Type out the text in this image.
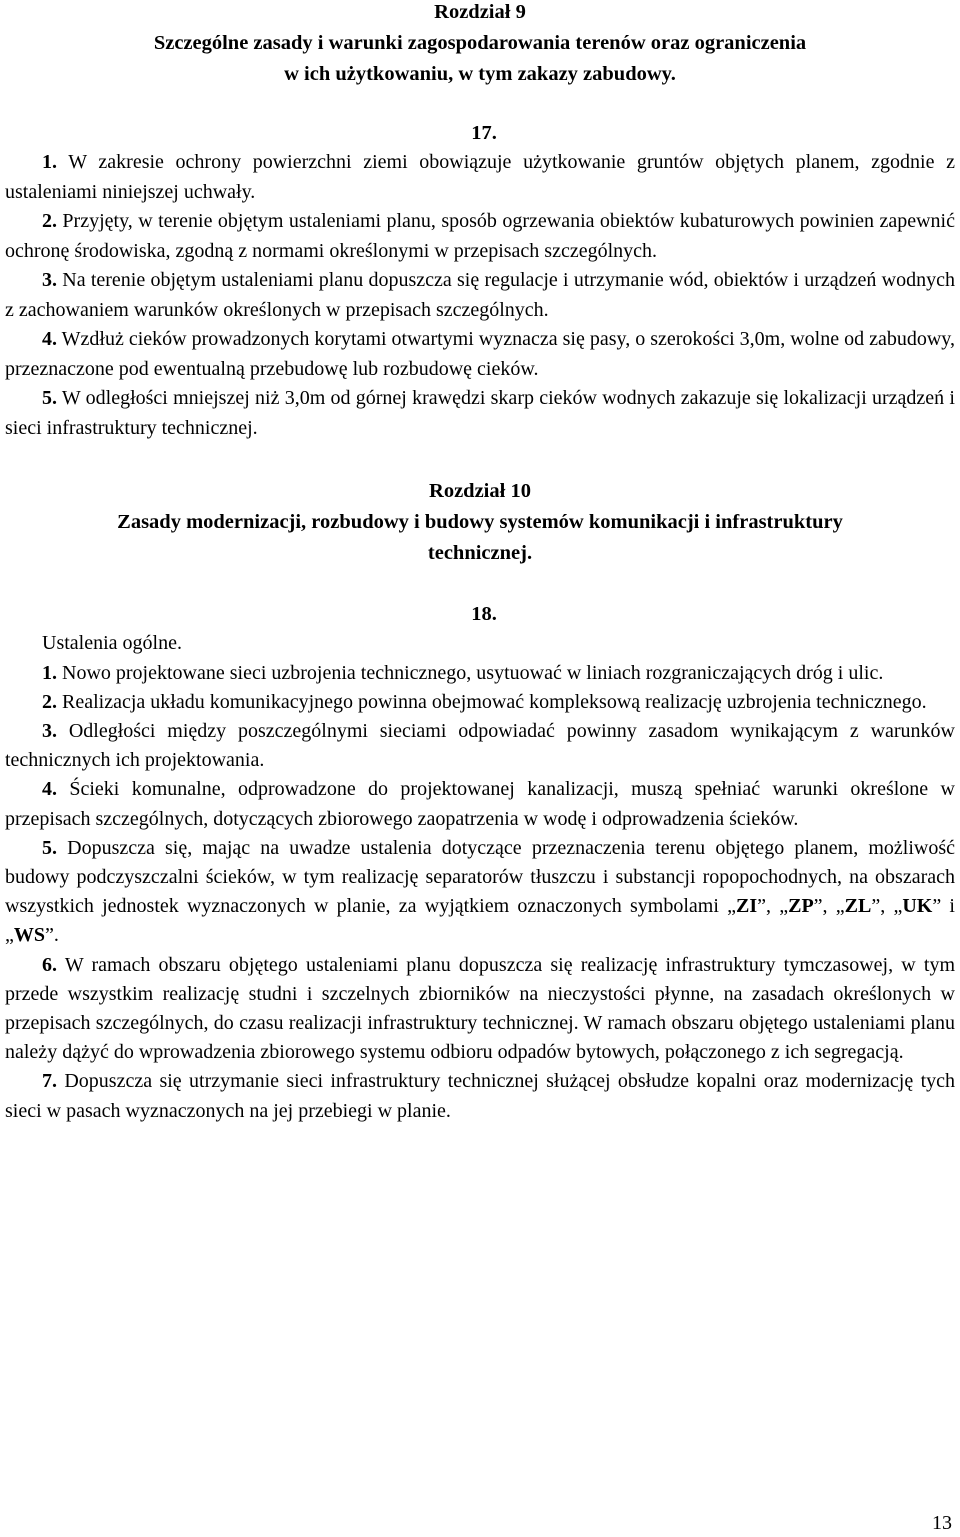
Rozdział 9

Szczególne zasady i warunki zagospodarowania terenów oraz ograniczenia

w ich użytkowaniu, w tym zakazy zabudowy.

17.

1. W zakresie ochrony powierzchni ziemi obowiązuje użytkowanie gruntów objętych planem, zgodnie z ustaleniami niniejszej uchwały.

2. Przyjęty, w terenie objętym ustaleniami planu, sposób ogrzewania obiektów kubaturowych powinien zapewnić ochronę środowiska, zgodną z normami określonymi w przepisach szczególnych.

3. Na terenie objętym ustaleniami planu dopuszcza się regulacje i utrzymanie wód, obiektów i urządzeń wodnych z zachowaniem warunków określonych w przepisach szczególnych.

4. Wzdłuż cieków prowadzonych korytami otwartymi wyznacza się pasy, o szerokości 3,0m, wolne od zabudowy, przeznaczone pod ewentualną przebudowę lub rozbudowę cieków.

5. W odległości mniejszej niż 3,0m od górnej krawędzi skarp cieków wodnych zakazuje się lokalizacji urządzeń i sieci infrastruktury technicznej.

Rozdział 10

Zasady modernizacji, rozbudowy i budowy systemów komunikacji i infrastruktury

technicznej.

18.

Ustalenia ogólne.

1. Nowo projektowane sieci uzbrojenia technicznego, usytuować w liniach rozgraniczających dróg i ulic.

2. Realizacja układu komunikacyjnego powinna obejmować kompleksową realizację uzbrojenia technicznego.

3. Odległości między poszczególnymi sieciami odpowiadać powinny zasadom wynikającym z warunków technicznych ich projektowania.

4. Ścieki komunalne, odprowadzone do projektowanej kanalizacji, muszą spełniać warunki określone w przepisach szczególnych, dotyczących zbiorowego zaopatrzenia w wodę i odprowadzenia ścieków.

5. Dopuszcza się, mając na uwadze ustalenia dotyczące przeznaczenia terenu objętego planem, możliwość budowy podczyszczalni ścieków, w tym realizację separatorów tłuszczu i substancji ropopochodnych, na obszarach wszystkich jednostek wyznaczonych w planie, za wyjątkiem oznaczonych symbolami „ZI”, „ZP”, „ZL”, „UK” i „WS”.

6. W ramach obszaru objętego ustaleniami planu dopuszcza się realizację infrastruktury tymczasowej, w tym przede wszystkim realizację studni i szczelnych zbiorników na nieczystości płynne, na zasadach określonych w przepisach szczególnych, do czasu realizacji infrastruktury technicznej. W ramach obszaru objętego ustaleniami planu należy dążyć do wprowadzenia zbiorowego systemu odbioru odpadów bytowych, połączonego z ich segregacją.

7. Dopuszcza się utrzymanie sieci infrastruktury technicznej służącej obsłudze kopalni oraz modernizację tych sieci w pasach wyznaczonych na jej przebiegi w planie.

13
